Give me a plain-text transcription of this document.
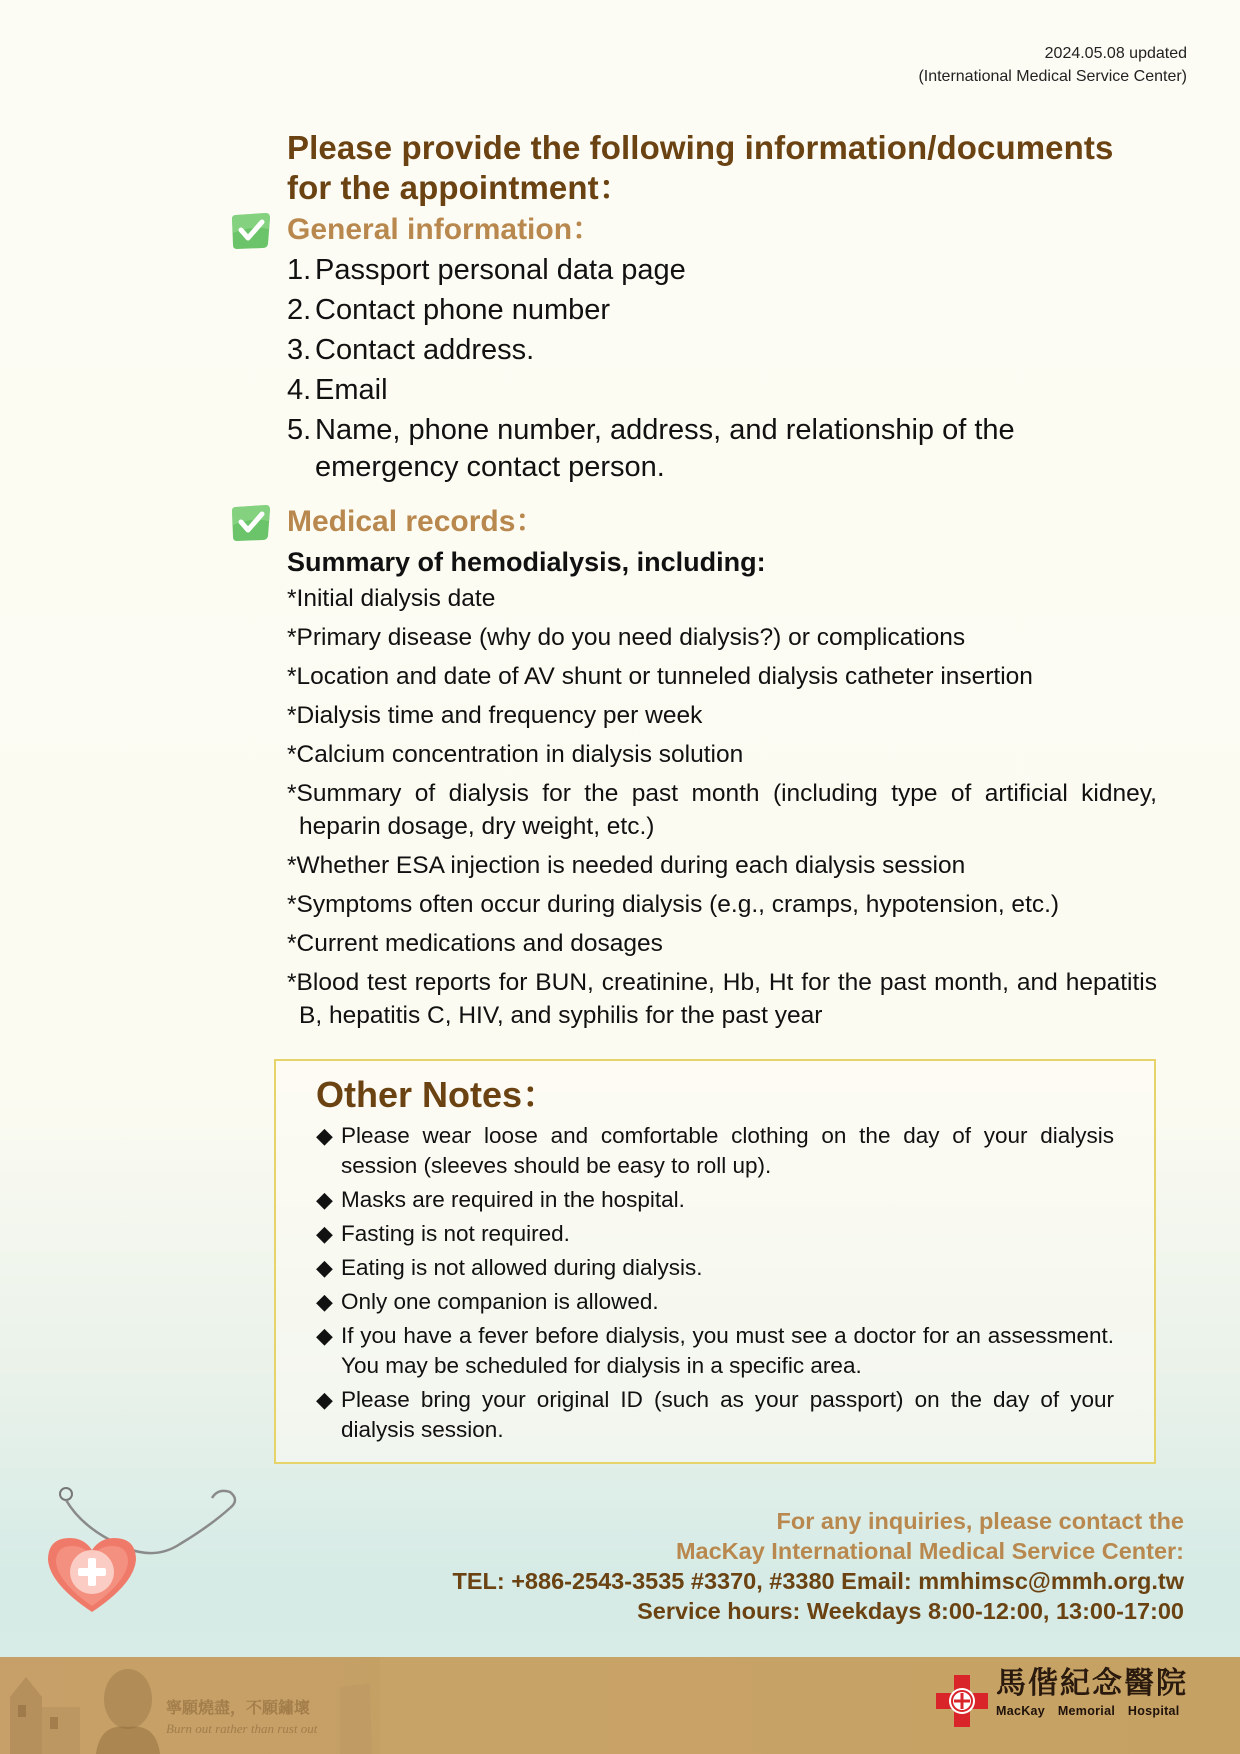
2024.05.08 updated
(International Medical Service Center)
Please provide the following information/documents for the appointment：
General information：
1. Passport personal data page
2. Contact phone number
3. Contact address.
4. Email
5. Name, phone number, address, and relationship of the emergency contact person.
Medical records：
Summary of hemodialysis, including:
*Initial dialysis date
*Primary disease (why do you need dialysis?) or complications
*Location and date of AV shunt or tunneled dialysis catheter insertion
*Dialysis time and frequency per week
*Calcium concentration in dialysis solution
*Summary of dialysis for the past month (including type of artificial kidney, heparin dosage, dry weight, etc.)
*Whether ESA injection is needed during each dialysis session
*Symptoms often occur during dialysis (e.g., cramps, hypotension, etc.)
*Current medications and dosages
*Blood test reports for BUN, creatinine, Hb, Ht for the past month, and hepatitis B, hepatitis C, HIV, and syphilis for the past year
Other Notes：
◆ Please wear loose and comfortable clothing on the day of your dialysis session (sleeves should be easy to roll up).
◆ Masks are required in the hospital.
◆ Fasting is not required.
◆ Eating is not allowed during dialysis.
◆ Only one companion is allowed.
◆ If you have a fever before dialysis, you must see a doctor for an assessment. You may be scheduled for dialysis in a specific area.
◆ Please bring your original ID (such as your passport) on the day of your dialysis session.
For any inquiries, please contact the
MacKay International Medical Service Center:
TEL: +886-2543-3535 #3370, #3380 Email: mmhimsc@mmh.org.tw
Service hours: Weekdays 8:00-12:00, 13:00-17:00
寧願燒盡，不願鏽壞
Burn out rather than rust out
馬偕紀念醫院
MacKay Memorial Hospital
